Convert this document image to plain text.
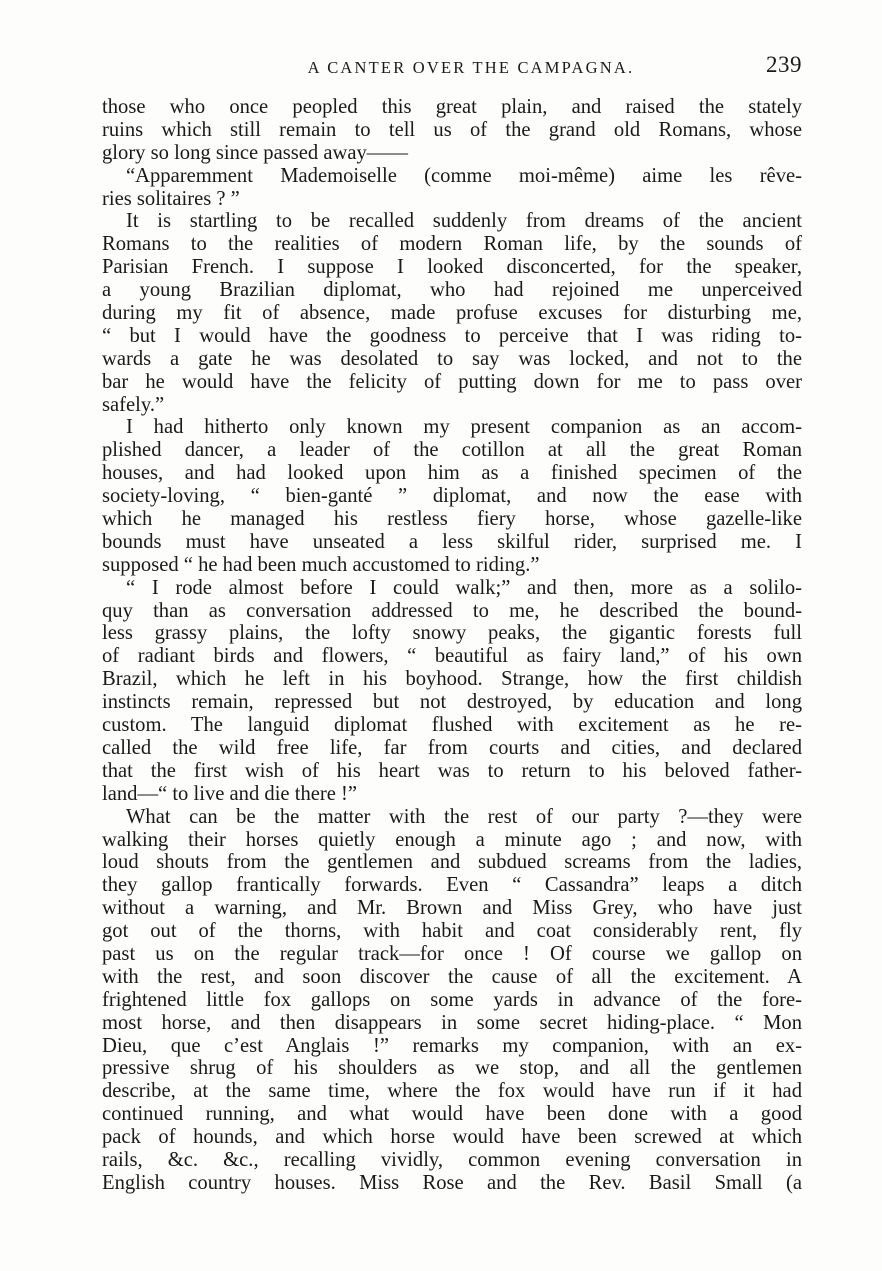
A CANTER OVER THE CAMPAGNA.	239
those who once peopled this great plain, and raised the stately
ruins which still remain to tell us of the grand old Romans, whose
glory so long since passed away——
“Apparemment Mademoiselle (comme moi-même) aime les rêve-
ries solitaires ? ”
It is startling to be recalled suddenly from dreams of the ancient
Romans to the realities of modern Roman life, by the sounds of
Parisian French. I suppose I looked disconcerted, for the speaker,
a young Brazilian diplomat, who had rejoined me unperceived
during my fit of absence, made profuse excuses for disturbing me,
“ but I would have the goodness to perceive that I was riding to-
wards a gate he was desolated to say was locked, and not to the
bar he would have the felicity of putting down for me to pass over
safely.”
I had hitherto only known my present companion as an accom-
plished dancer, a leader of the cotillon at all the great Roman
houses, and had looked upon him as a finished specimen of the
society-loving, “ bien-ganté ” diplomat, and now the ease with
which he managed his restless fiery horse, whose gazelle-like
bounds must have unseated a less skilful rider, surprised me. I
supposed “ he had been much accustomed to riding.”
“ I rode almost before I could walk;” and then, more as a solilo-
quy than as conversation addressed to me, he described the bound-
less grassy plains, the lofty snowy peaks, the gigantic forests full
of radiant birds and flowers, “ beautiful as fairy land,” of his own
Brazil, which he left in his boyhood. Strange, how the first childish
instincts remain, repressed but not destroyed, by education and long
custom. The languid diplomat flushed with excitement as he re-
called the wild free life, far from courts and cities, and declared
that the first wish of his heart was to return to his beloved father-
land—“ to live and die there !”
What can be the matter with the rest of our party ?—they were
walking their horses quietly enough a minute ago ; and now, with
loud shouts from the gentlemen and subdued screams from the ladies,
they gallop frantically forwards. Even “ Cassandra” leaps a ditch
without a warning, and Mr. Brown and Miss Grey, who have just
got out of the thorns, with habit and coat considerably rent, fly
past us on the regular track—for once ! Of course we gallop on
with the rest, and soon discover the cause of all the excitement. A
frightened little fox gallops on some yards in advance of the fore-
most horse, and then disappears in some secret hiding-place. “ Mon
Dieu, que c’est Anglais !” remarks my companion, with an ex-
pressive shrug of his shoulders as we stop, and all the gentlemen
describe, at the same time, where the fox would have run if it had
continued running, and what would have been done with a good
pack of hounds, and which horse would have been screwed at which
rails, &c. &c., recalling vividly, common evening conversation in
English country houses. Miss Rose and the Rev. Basil Small (a
